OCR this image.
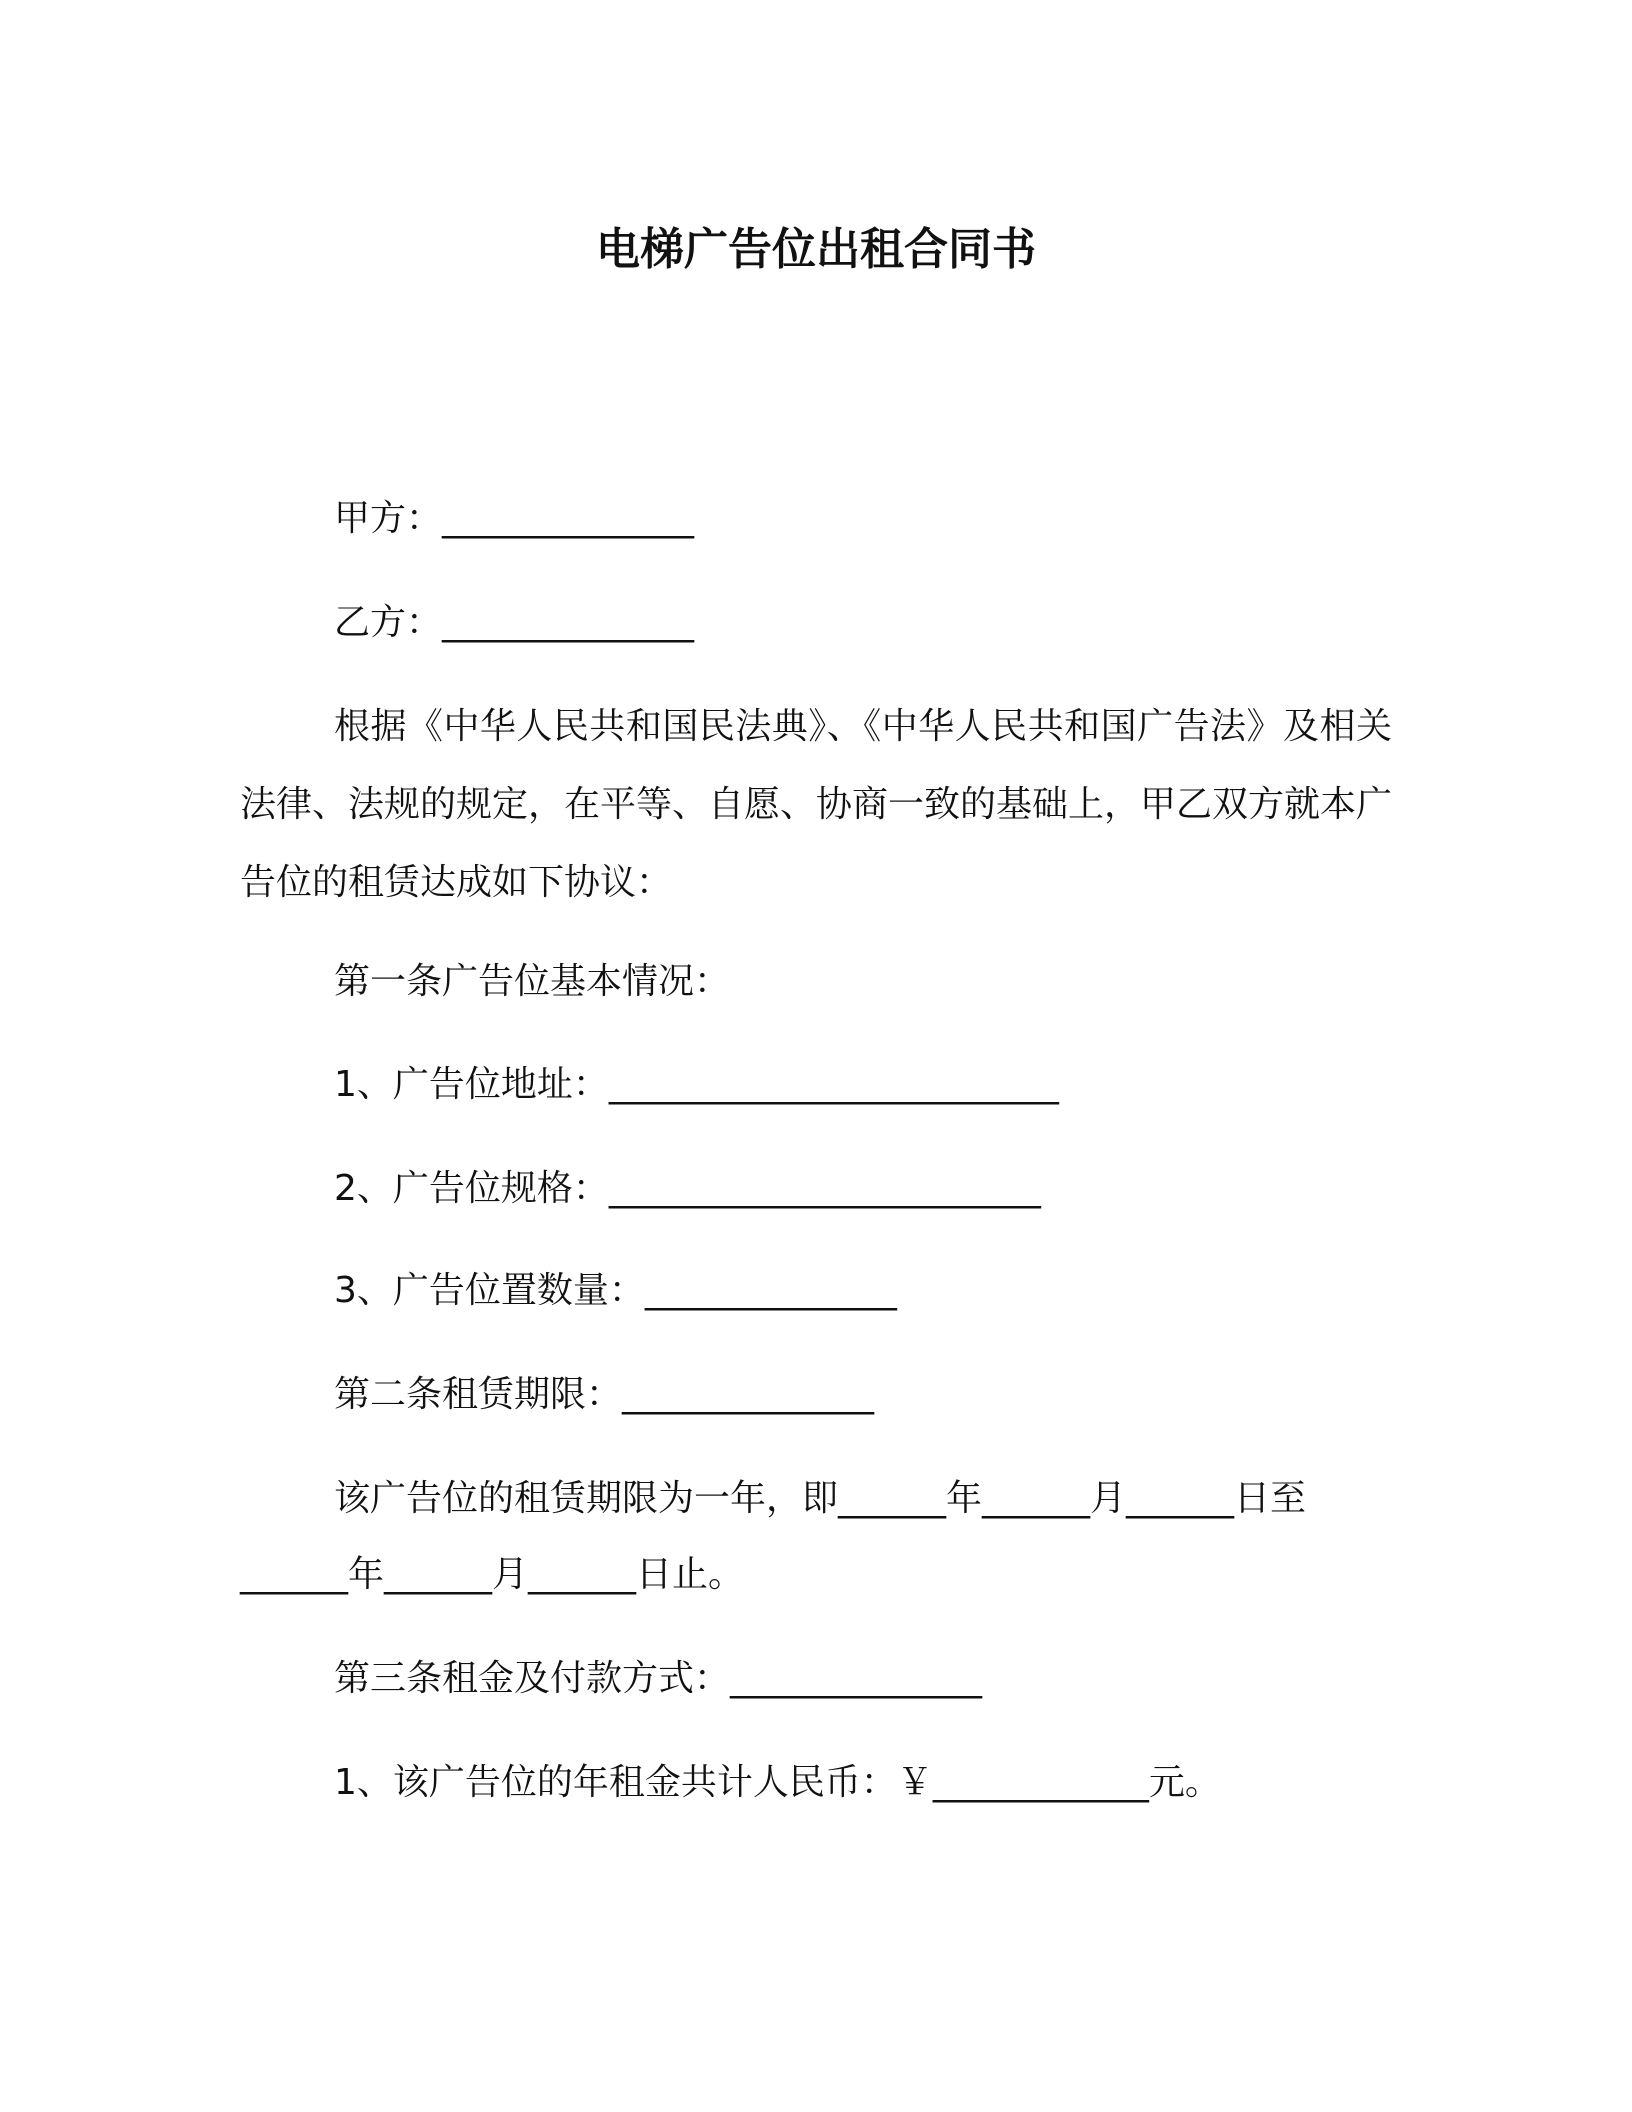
电梯广告位出租合同书
甲方：______________
乙方：______________
根据《中华人民共和国民法典》、《中华人民共和国广告法》及相关法律、法规的规定，在平等、自愿、协商一致的基础上，甲乙双方就本广告位的租赁达成如下协议：
第一条广告位基本情况：
1、广告位地址：_________________________
2、广告位规格：________________________
3、广告位置数量：______________
第二条租赁期限：______________
该广告位的租赁期限为一年，即______年______月______日至
______年______月______日止。
第三条租金及付款方式：______________
1、该广告位的年租金共计人民币：￥____________元。
